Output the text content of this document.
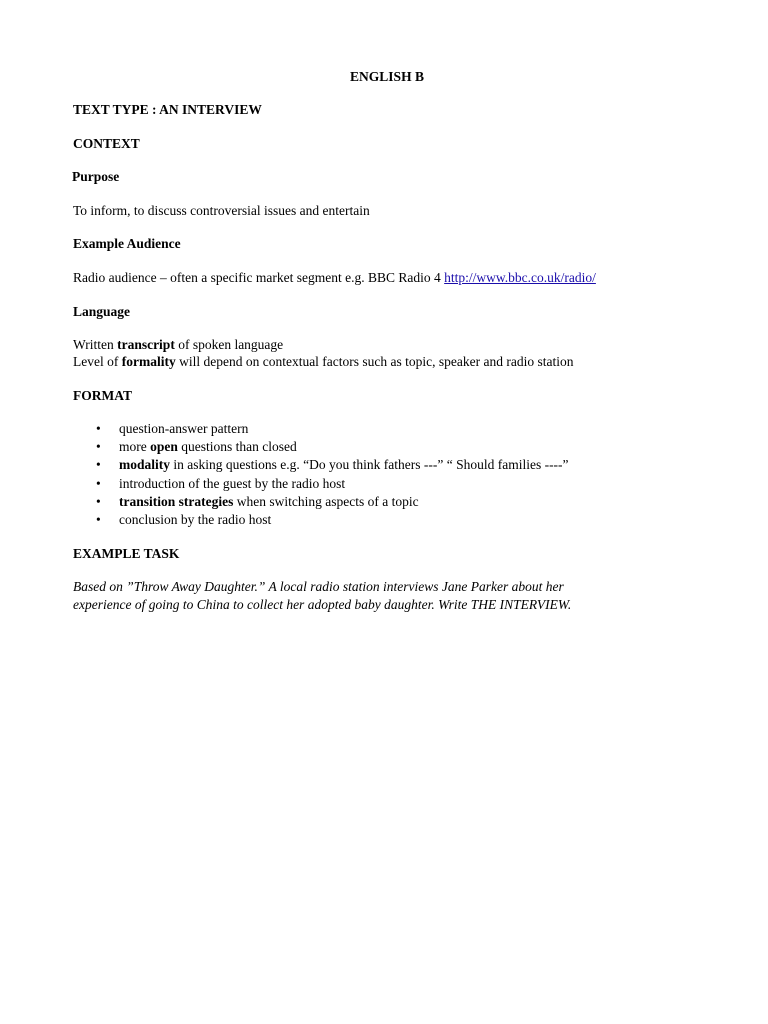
ENGLISH B
TEXT TYPE : AN INTERVIEW
CONTEXT
Purpose
To inform, to discuss controversial issues and entertain
Example Audience
Radio audience – often a specific market segment e.g. BBC Radio 4 http://www.bbc.co.uk/radio/
Language
Written transcript of spoken language
Level of formality will depend on contextual factors such as topic, speaker and radio station
FORMAT
• question-answer pattern
• more open questions than closed
• modality in asking questions e.g. “Do you think fathers ---” “ Should families ----”
• introduction of the guest by the radio host
• transition strategies when switching aspects of a topic
• conclusion by the radio host
EXAMPLE TASK
Based on ”Throw Away Daughter.” A local radio station interviews Jane Parker about her
experience of going to China to collect her adopted baby daughter. Write THE INTERVIEW.
